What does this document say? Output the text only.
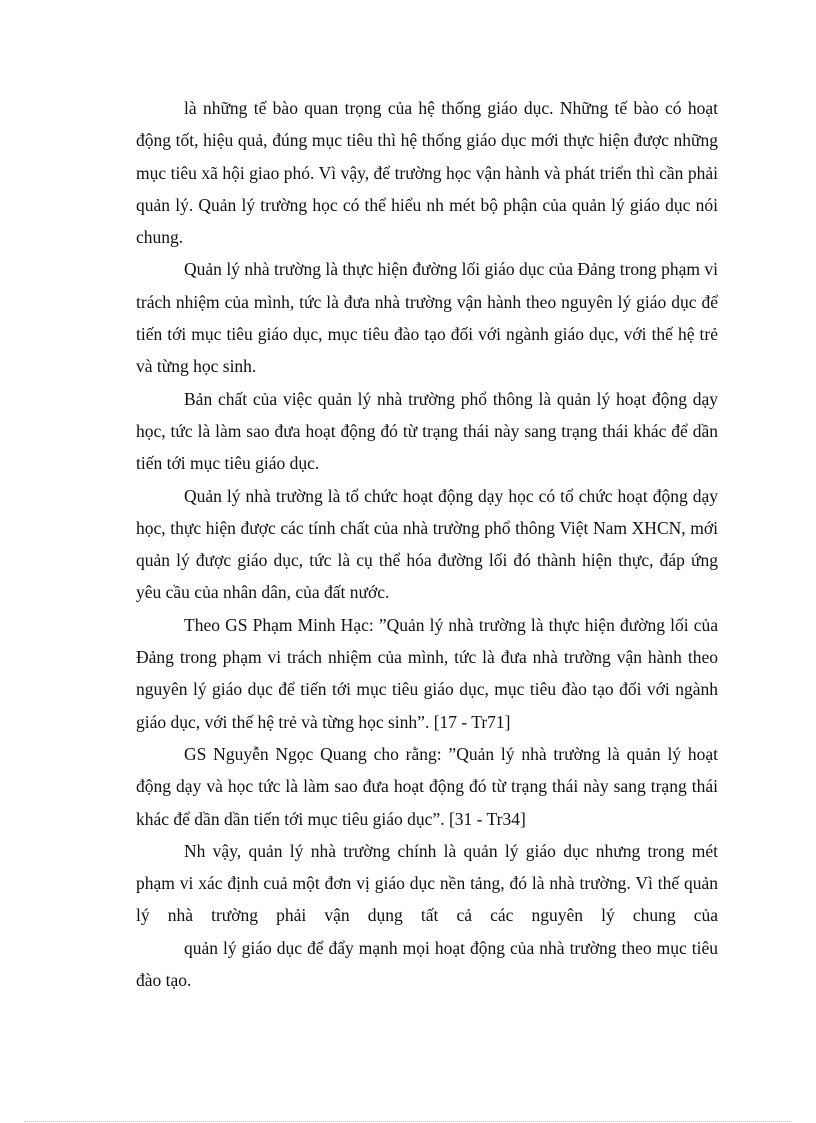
là những tế bào quan trọng của hệ thống giáo dục. Những tế bào có hoạt động tốt, hiệu quả, đúng mục tiêu thì hệ thống giáo dục mới thực hiện được những mục tiêu xã hội giao phó. Vì vậy, để trường học vận hành và phát triển thì cần phải quản lý. Quản lý trường học có thể hiểu nh mét bộ phận của quản lý giáo dục nói chung.

Quản lý nhà trường là thực hiện đường lối giáo dục của Đảng trong phạm vi trách nhiệm của mình, tức là đưa nhà trường vận hành theo nguyên lý giáo dục để tiến tới mục tiêu giáo dục, mục tiêu đào tạo đối với ngành giáo dục, với thế hệ trẻ và từng học sinh.

Bản chất của việc quản lý nhà trường phổ thông là quản lý hoạt động dạy học, tức là làm sao đưa hoạt động đó từ trạng thái này sang trạng thái khác để dần tiến tới mục tiêu giáo dục.

Quản lý nhà trường là tổ chức hoạt động dạy học có tổ chức hoạt động dạy học, thực hiện được các tính chất của nhà trường phổ thông Việt Nam XHCN, mới quản lý được giáo dục, tức là cụ thể hóa đường lối đó thành hiện thực, đáp ứng yêu cầu của nhân dân, của đất nước.

Theo GS Phạm Minh Hạc: ”Quản lý nhà trường là thực hiện đường lối của Đảng trong phạm vi trách nhiệm của mình, tức là đưa nhà trường vận hành theo nguyên lý giáo dục để tiến tới mục tiêu giáo dục, mục tiêu đào tạo đối với ngành giáo dục, với thế hệ trẻ và từng học sinh”. [17 - Tr71]

GS Nguyễn Ngọc Quang cho rằng: ”Quản lý nhà trường là quản lý hoạt động dạy và học tức là làm sao đưa hoạt động đó từ trạng thái này sang trạng thái khác để dần dần tiến tới mục tiêu giáo dục”. [31 - Tr34]

Nh vậy, quản lý nhà trường chính là quản lý giáo dục nhưng trong mét phạm vi xác định cuả một đơn vị giáo dục nền tảng, đó là nhà trường. Vì thế quản lý nhà trường phải vận dụng tất cả các nguyên lý chung của
quản lý giáo dục để đẩy mạnh mọi hoạt động của nhà trường theo mục tiêu đào tạo.
